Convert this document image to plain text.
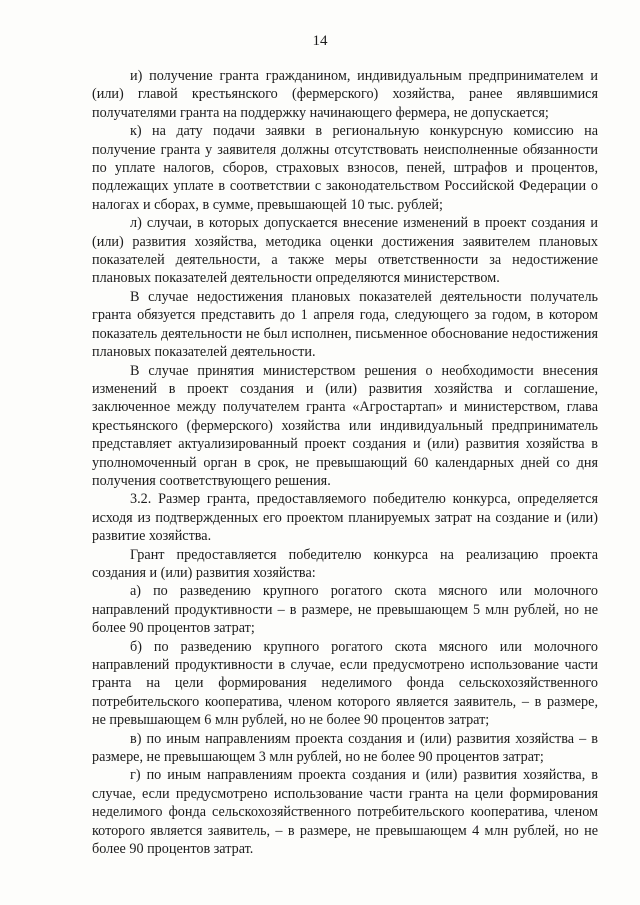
14

и) получение гранта гражданином, индивидуальным предпринимателем и (или) главой крестьянского (фермерского) хозяйства, ранее являвшимися получателями гранта на поддержку начинающего фермера, не допускается;

к) на дату подачи заявки в региональную конкурсную комиссию на получение гранта у заявителя должны отсутствовать неисполненные обязанности по уплате налогов, сборов, страховых взносов, пеней, штрафов и процентов, подлежащих уплате в соответствии с законодательством Российской Федерации о налогах и сборах, в сумме, превышающей 10 тыс. рублей;

л) случаи, в которых допускается внесение изменений в проект создания и (или) развития хозяйства, методика оценки достижения заявителем плановых показателей деятельности, а также меры ответственности за недостижение плановых показателей деятельности определяются министерством.

В случае недостижения плановых показателей деятельности получатель гранта обязуется представить до 1 апреля года, следующего за годом, в котором показатель деятельности не был исполнен, письменное обоснование недостижения плановых показателей деятельности.

В случае принятия министерством решения о необходимости внесения изменений в проект создания и (или) развития хозяйства и соглашение, заключенное между получателем гранта «Агростартап» и министерством, глава крестьянского (фермерского) хозяйства или индивидуальный предприниматель представляет актуализированный проект создания и (или) развития хозяйства в уполномоченный орган в срок, не превышающий 60 календарных дней со дня получения соответствующего решения.

3.2. Размер гранта, предоставляемого победителю конкурса, определяется исходя из подтвержденных его проектом планируемых затрат на создание и (или) развитие хозяйства.

Грант предоставляется победителю конкурса на реализацию проекта создания и (или) развития хозяйства:

а) по разведению крупного рогатого скота мясного или молочного направлений продуктивности – в размере, не превышающем 5 млн рублей, но не более 90 процентов затрат;

б) по разведению крупного рогатого скота мясного или молочного направлений продуктивности в случае, если предусмотрено использование части гранта на цели формирования неделимого фонда сельскохозяйственного потребительского кооператива, членом которого является заявитель, – в размере, не превышающем 6 млн рублей, но не более 90 процентов затрат;

в) по иным направлениям проекта создания и (или) развития хозяйства – в размере, не превышающем 3 млн рублей, но не более 90 процентов затрат;

г) по иным направлениям проекта создания и (или) развития хозяйства, в случае, если предусмотрено использование части гранта на цели формирования неделимого фонда сельскохозяйственного потребительского кооператива, членом которого является заявитель, – в размере, не превышающем 4 млн рублей, но не более 90 процентов затрат.
